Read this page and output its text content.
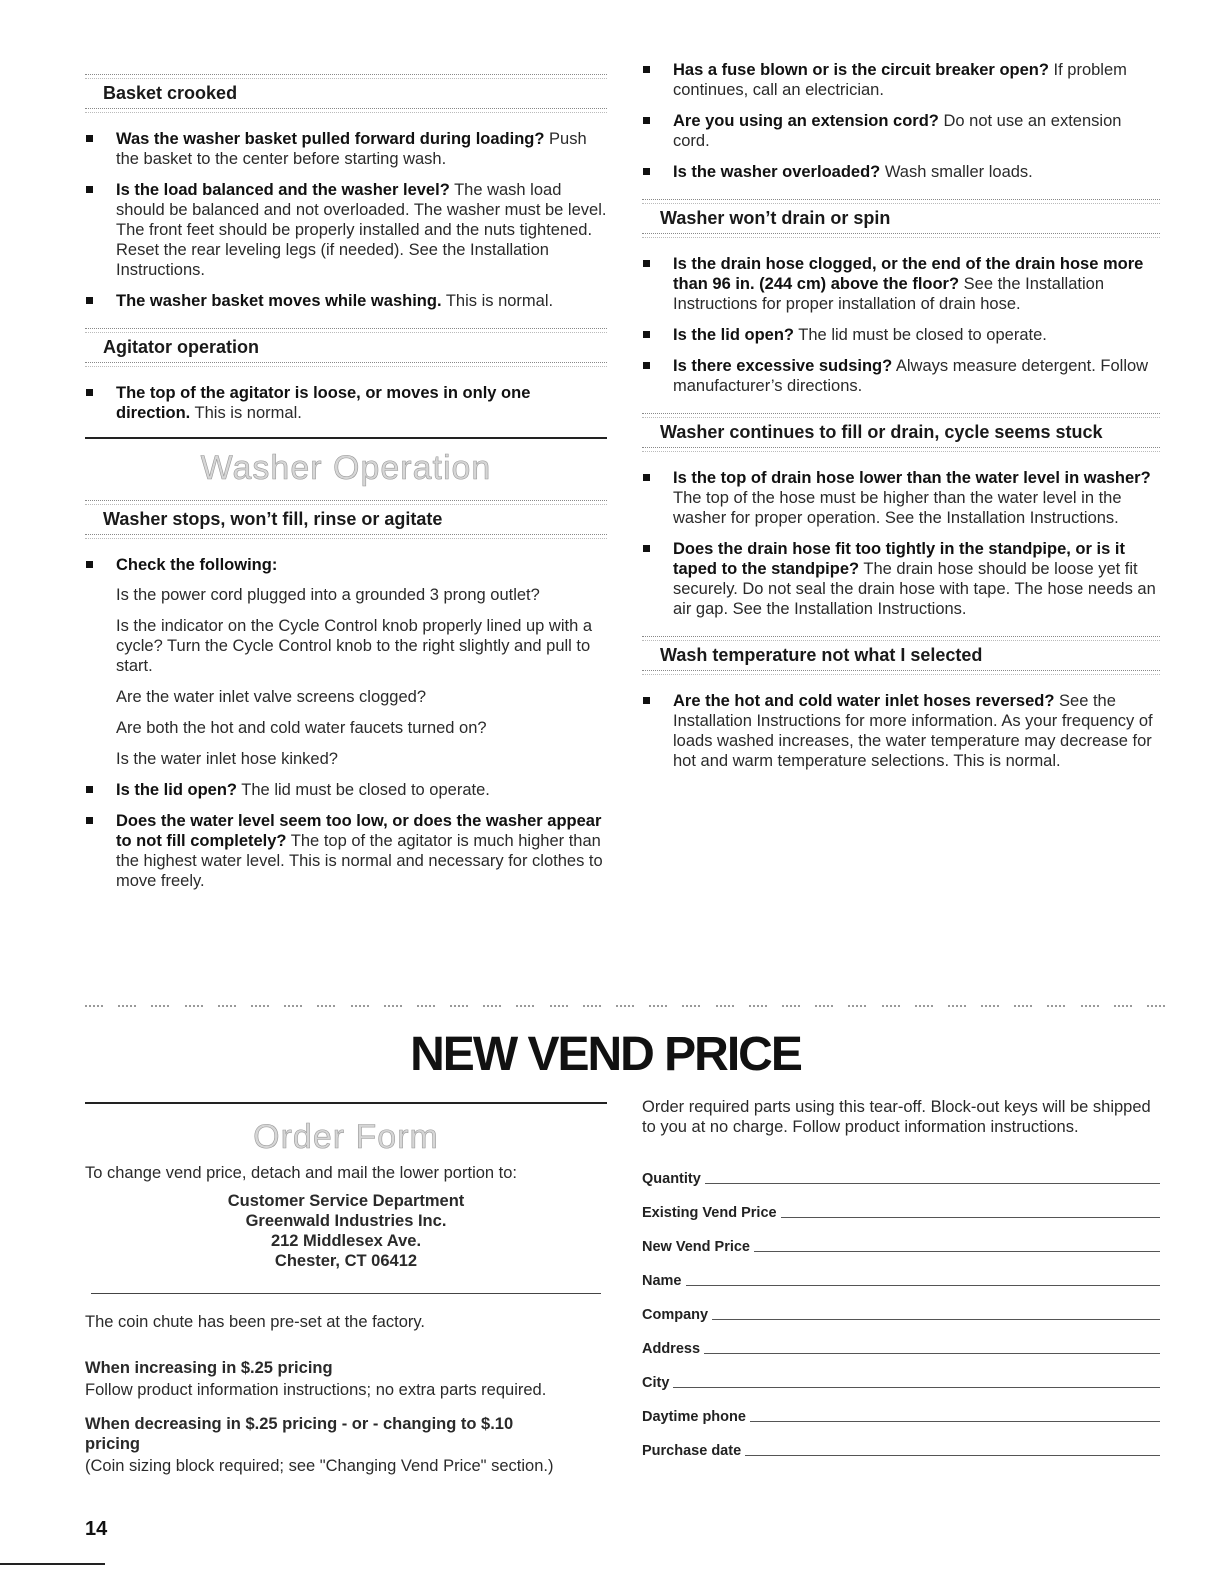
Basket crooked
Was the washer basket pulled forward during loading? Push the basket to the center before starting wash.
Is the load balanced and the washer level? The wash load should be balanced and not overloaded. The washer must be level. The front feet should be properly installed and the nuts tightened. Reset the rear leveling legs (if needed). See the Installation Instructions.
The washer basket moves while washing. This is normal.
Agitator operation
The top of the agitator is loose, or moves in only one direction. This is normal.
Washer Operation
Washer stops, won’t fill, rinse or agitate
Check the following:

Is the power cord plugged into a grounded 3 prong outlet?

Is the indicator on the Cycle Control knob properly lined up with a cycle? Turn the Cycle Control knob to the right slightly and pull to start.

Are the water inlet valve screens clogged?

Are both the hot and cold water faucets turned on?

Is the water inlet hose kinked?

Is the lid open? The lid must be closed to operate.
Does the water level seem too low, or does the washer appear to not fill completely? The top of the agitator is much higher than the highest water level. This is normal and necessary for clothes to move freely.
Has a fuse blown or is the circuit breaker open? If problem continues, call an electrician.
Are you using an extension cord? Do not use an extension cord.
Is the washer overloaded? Wash smaller loads.
Washer won’t drain or spin
Is the drain hose clogged, or the end of the drain hose more than 96 in. (244 cm) above the floor? See the Installation Instructions for proper installation of drain hose.
Is the lid open? The lid must be closed to operate.
Is there excessive sudsing? Always measure detergent. Follow manufacturer’s directions.
Washer continues to fill or drain, cycle seems stuck
Is the top of drain hose lower than the water level in washer? The top of the hose must be higher than the water level in the washer for proper operation. See the Installation Instructions.
Does the drain hose fit too tightly in the standpipe, or is it taped to the standpipe? The drain hose should be loose yet fit securely. Do not seal the drain hose with tape. The hose needs an air gap. See the Installation Instructions.
Wash temperature not what I selected
Are the hot and cold water inlet hoses reversed? See the Installation Instructions for more information. As your frequency of loads washed increases, the water temperature may decrease for hot and warm temperature selections. This is normal.
NEW VEND PRICE
Order Form

To change vend price, detach and mail the lower portion to:

Customer Service Department

Greenwald Industries Inc.

212 Middlesex Ave.

Chester, CT 06412

The coin chute has been pre-set at the factory.

When increasing in $.25 pricing

Follow product information instructions; no extra parts required.

When decreasing in $.25 pricing - or - changing to $.10 pricing

(Coin sizing block required; see "Changing Vend Price" section.)

Order required parts using this tear-off. Block-out keys will be shipped to you at no charge. Follow product information instructions.

Quantity
Existing Vend Price
New Vend Price
Name
Company
Address
City
Daytime phone
Purchase date
14
